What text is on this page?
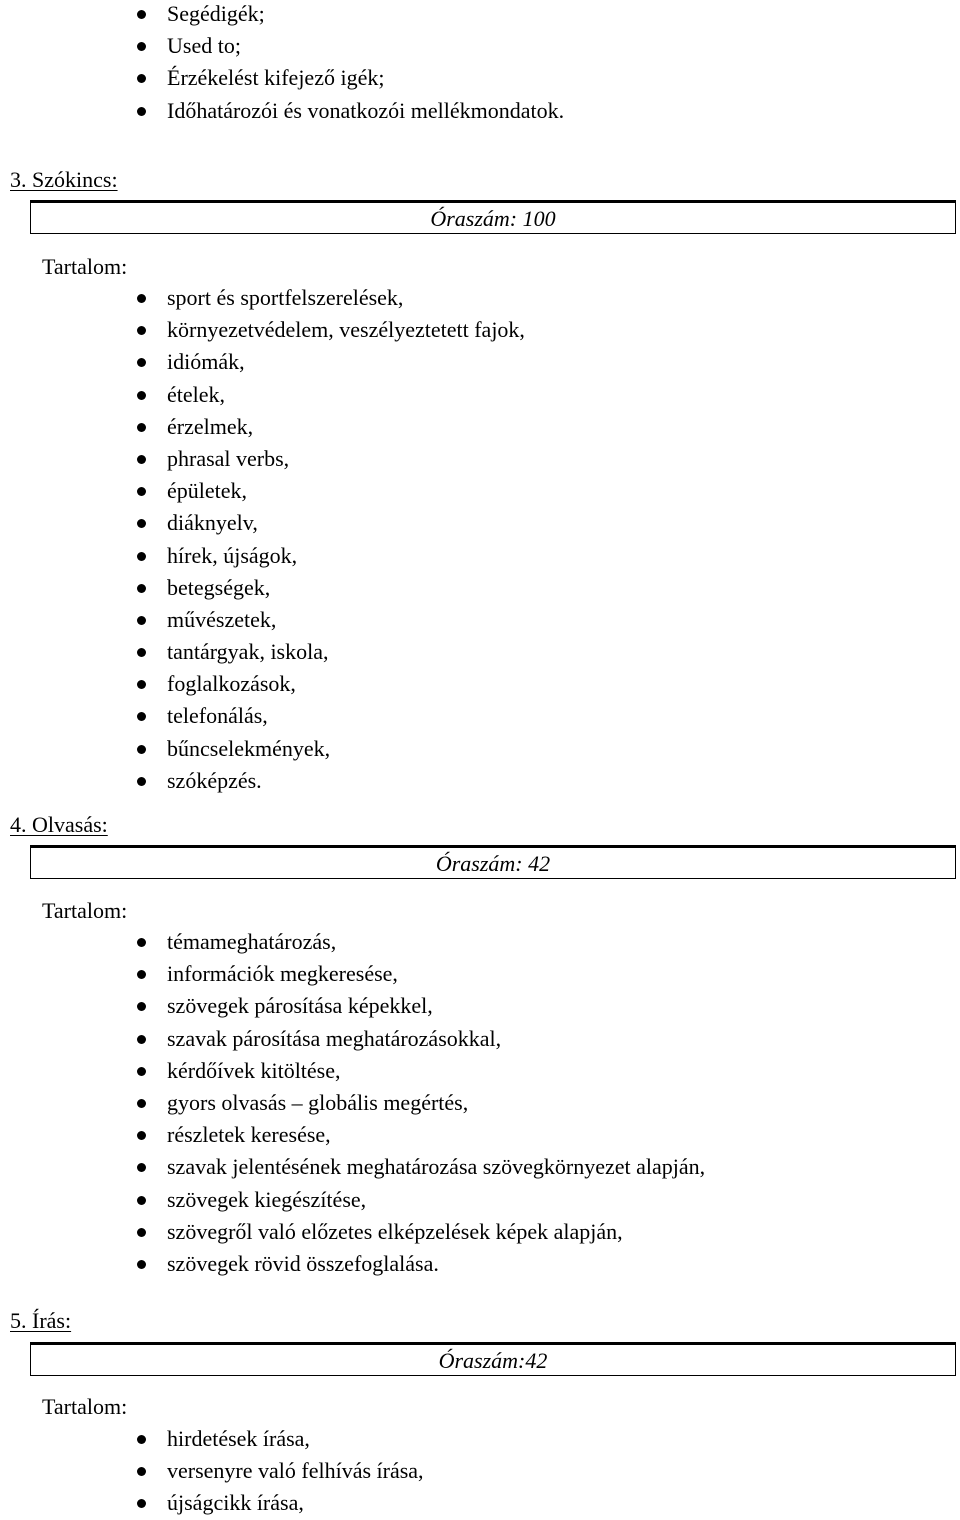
Segédigék;
Used to;
Érzékelést kifejező igék;
Időhatározói és vonatkozói mellékmondatok.
3. Szókincs:
Óraszám: 100
Tartalom:
sport és sportfelszerelések,
környezetvédelem, veszélyeztetett fajok,
idiómák,
ételek,
érzelmek,
phrasal verbs,
épületek,
diáknyelv,
hírek, újságok,
betegségek,
művészetek,
tantárgyak, iskola,
foglalkozások,
telefonálás,
bűncselekmények,
szóképzés.
4. Olvasás:
Óraszám: 42
Tartalom:
témameghatározás,
információk megkeresése,
szövegek párosítása képekkel,
szavak párosítása meghatározásokkal,
kérdőívek kitöltése,
gyors olvasás – globális megértés,
részletek keresése,
szavak jelentésének meghatározása szövegkörnyezet alapján,
szövegek kiegészítése,
szövegről való előzetes elképzelések képek alapján,
szövegek rövid összefoglalása.
5. Írás:
Óraszám:42
Tartalom:
hirdetések írása,
versenyre való felhívás írása,
újságcikk írása,
